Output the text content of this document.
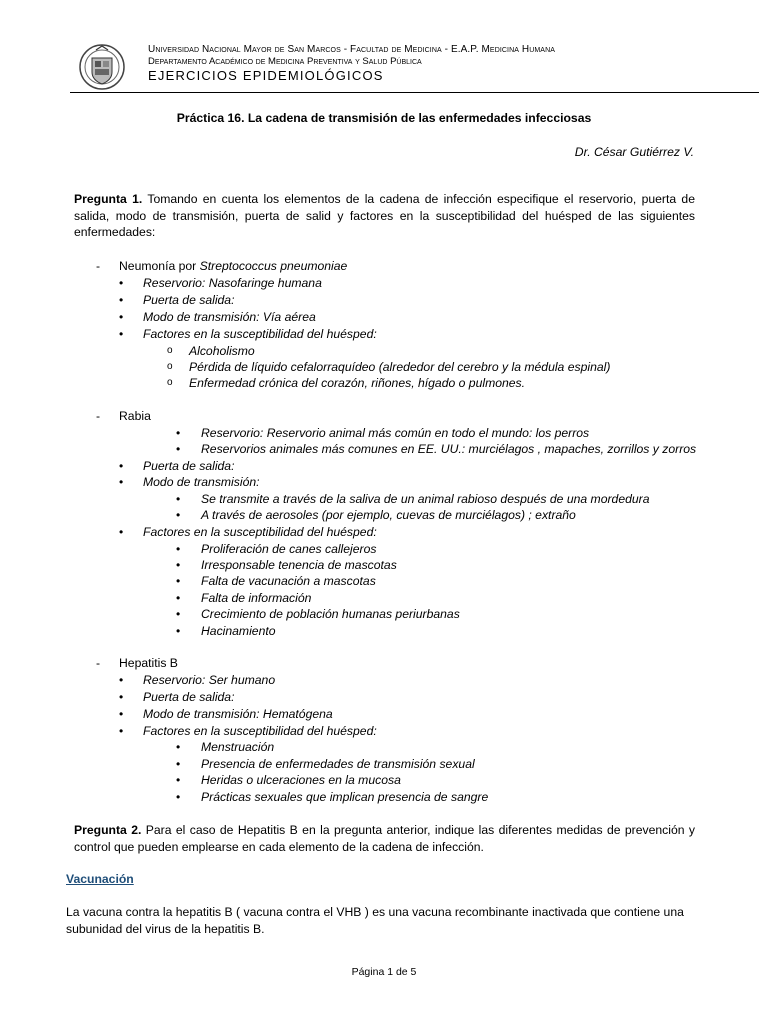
Universidad Nacional Mayor de San Marcos - Facultad de Medicina - E.A.P. Medicina Humana
Departamento Académico de Medicina Preventiva y Salud Pública
EJERCICIOS EPIDEMIOLÓGICOS
Práctica 16. La cadena de transmisión de las enfermedades infecciosas
Dr. César Gutiérrez V.
Pregunta 1. Tomando en cuenta los elementos de la cadena de infección especifique el reservorio, puerta de salida, modo de transmisión, puerta de salid y factores en la susceptibilidad del huésped de las siguientes enfermedades:
- Neumonía por Streptococcus pneumoniae
• Reservorio: Nasofaringe humana
• Puerta de salida:
• Modo de transmisión: Vía aérea
• Factores en la susceptibilidad del huésped:
o Alcoholismo
o Pérdida de líquido cefalorraquídeo (alrededor del cerebro y la médula espinal)
o Enfermedad crónica del corazón, riñones, hígado o pulmones.
- Rabia
• Reservorio: Reservorio animal más común en todo el mundo: los perros
• Reservorios animales más comunes en EE. UU.: murciélagos , mapaches, zorrillos y zorros
• Puerta de salida:
• Modo de transmisión:
• Se transmite a través de la saliva de un animal rabioso después de una mordedura
• A través de aerosoles (por ejemplo, cuevas de murciélagos) ; extraño
• Factores en la susceptibilidad del huésped:
• Proliferación de canes callejeros
• Irresponsable tenencia de mascotas
• Falta de vacunación a mascotas
• Falta de información
• Crecimiento de población humanas periurbanas
• Hacinamiento
- Hepatitis B
• Reservorio: Ser humano
• Puerta de salida:
• Modo de transmisión: Hematógena
• Factores en la susceptibilidad del huésped:
• Menstruación
• Presencia de enfermedades de transmisión sexual
• Heridas o ulceraciones en la mucosa
• Prácticas sexuales que implican presencia de sangre
Pregunta 2. Para el caso de Hepatitis B en la pregunta anterior, indique las diferentes medidas de prevención y control que pueden emplearse en cada elemento de la cadena de infección.
Vacunación
La vacuna contra la hepatitis B ( vacuna contra el VHB ) es una vacuna recombinante inactivada que contiene una subunidad del virus de la hepatitis B.
Página 1 de 5
